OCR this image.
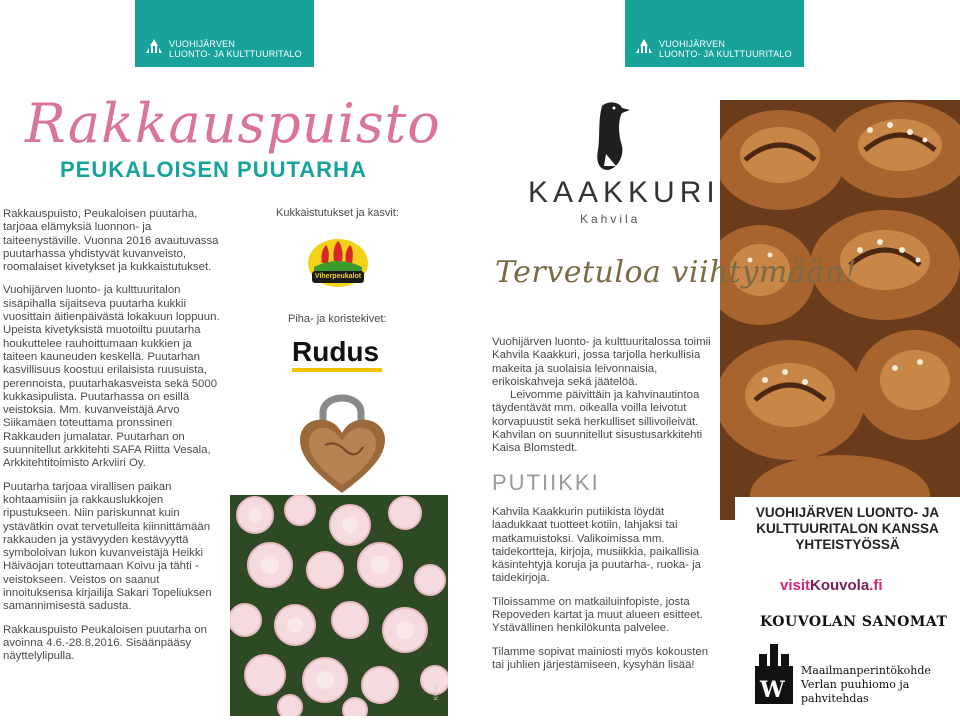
VUOHIJÄRVEN
LUONTO- JA KULTTUURITALO
VUOHIJÄRVEN
LUONTO- JA KULTTUURITALO
Rakkauspuisto
PEUKALOISEN PUUTARHA

Rakkauspuisto, Peukaloisen puutarha, tarjoaa elämyksiä luonnon- ja taiteenystäville. Vuonna 2016 avautuvassa puutarhassa yhdistyvät kuvanveisto, roomalaiset kivetykset ja kukkaistutukset.

Vuohijärven luonto- ja kulttuuritalon sisäpihalla sijaitseva puutarha kukkii vuosittain äitienpäivästä lokakuun loppuun. Upeista kivetyksistä muotoiltu puutarha houkuttelee rauhoittumaan kukkien ja taiteen kauneuden keskellä. Puutarhan kasvillisuus koostuu erilaisista ruusuista, perennoista, puutarhakasveista sekä 5000 kukkasipulista. Puutarhassa on esillä veistoksia. Mm. kuvanveistäjä Arvo Siikamäen toteuttama pronssinen Rakkauden jumalatar. Puutarhan on suunnitellut arkkitehti SAFA Riitta Vesala, Arkkitehtitoimisto Arkviiri Oy.

Puutarha tarjoaa virallisen paikan kohtaamisiin ja rakkauslukkojen ripustukseen. Niin pariskunnat kuin ystävätkin ovat tervetulleita kiinnittämään rakkauden ja ystävyyden kestävyyttä symboloivan lukon kuvanveistäjä Heikki Häiväojan toteuttamaan Koivu ja tähti -veistokseen. Veistos on saanut innoituksensa kirjailija Sakari Topeliuksen samannimisestä sadusta.

Rakkauspuisto Peukaloisen puutarha on avoinna 4.6.-28.8.2016. Sisäänpääsy näyttelylipulla.

Kukkaistutukset ja kasvit:
Viherpeukalot
Piha- ja koristekivet:
Rudus
KUVA: ...
KAAKKURI
Kahvila
Tervetuloa viihtymään!

Vuohijärven luonto- ja kulttuuritalossa toimii Kahvila Kaakkuri, jossa tarjolla herkullisia makeita ja suolaisia leivonnaisia, erikoiskahveja sekä jäätelöä.

Leivomme päivittäin ja kahvinautintoa täydentävät mm. oikealla voilla leivotut korvapuustit sekä herkulliset sillivoileivät. Kahvilan on suunnitellut sisustusarkkitehti Kaisa Blomstedt.

PUTIIKKI

Kahvila Kaakkurin putiikista löydät laadukkaat tuotteet kotiin, lahjaksi tai matkamuistoksi. Valikoimissa mm. taidekortteja, kirjoja, musiikkia, paikallisia käsintehtyjä koruja ja puutarha-, ruoka- ja taidekirjoja.

Tiloissamme on matkailuinfopiste, josta Repoveden kartat ja muut alueen esitteet. Ystävällinen henkilökunta palvelee.

Tilamme sopivat mainiosti myös kokousten tai juhlien järjestämiseen, kysyhän lisää!

VUOHIJÄRVEN LUONTO- JA
KULTTUURITALON KANSSA
YHTEISTYÖSSÄ
visitKouvola.fi
KOUVOLAN SANOMAT
W
Maailmanperintökohde
Verlan puuhiomo ja
pahvitehdas
